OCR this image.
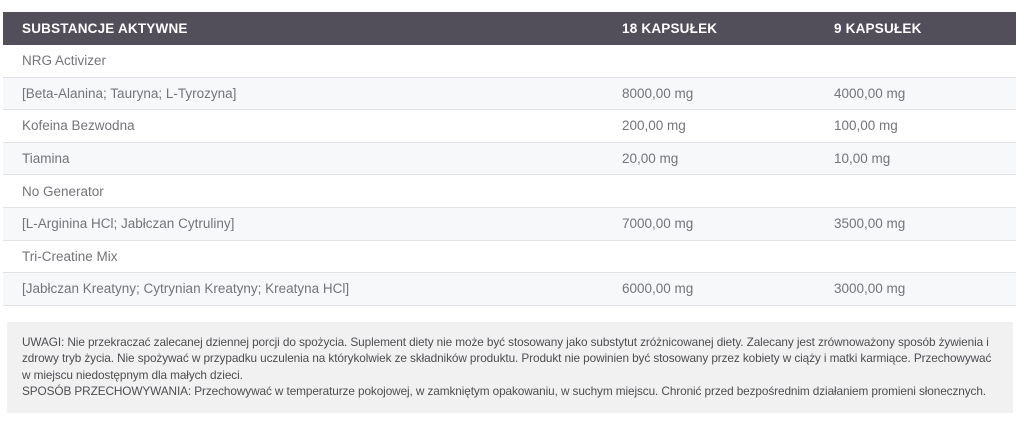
SUBSTANCJE AKTYWNE	18 KAPSUŁEK	9 KAPSUŁEK
NRG Activizer
[Beta-Alanina; Tauryna; L-Tyrozyna]	8000,00 mg	4000,00 mg
Kofeina Bezwodna	200,00 mg	100,00 mg
Tiamina	20,00 mg	10,00 mg
No Generator
[L-Arginina HCl; Jabłczan Cytruliny]	7000,00 mg	3500,00 mg
Tri-Creatine Mix
[Jabłczan Kreatyny; Cytrynian Kreatyny; Kreatyna HCl]	6000,00 mg	3000,00 mg

UWAGI: Nie przekraczać zalecanej dziennej porcji do spożycia. Suplement diety nie może być stosowany jako substytut zróżnicowanej diety. Zalecany jest zrównoważony sposób żywienia i zdrowy tryb życia. Nie spożywać w przypadku uczulenia na którykolwiek ze składników produktu. Produkt nie powinien być stosowany przez kobiety w ciąży i matki karmiące. Przechowywać w miejscu niedostępnym dla małych dzieci.

SPOSÓB PRZECHOWYWANIA: Przechowywać w temperaturze pokojowej, w zamkniętym opakowaniu, w suchym miejscu. Chronić przed bezpośrednim działaniem promieni słonecznych.
